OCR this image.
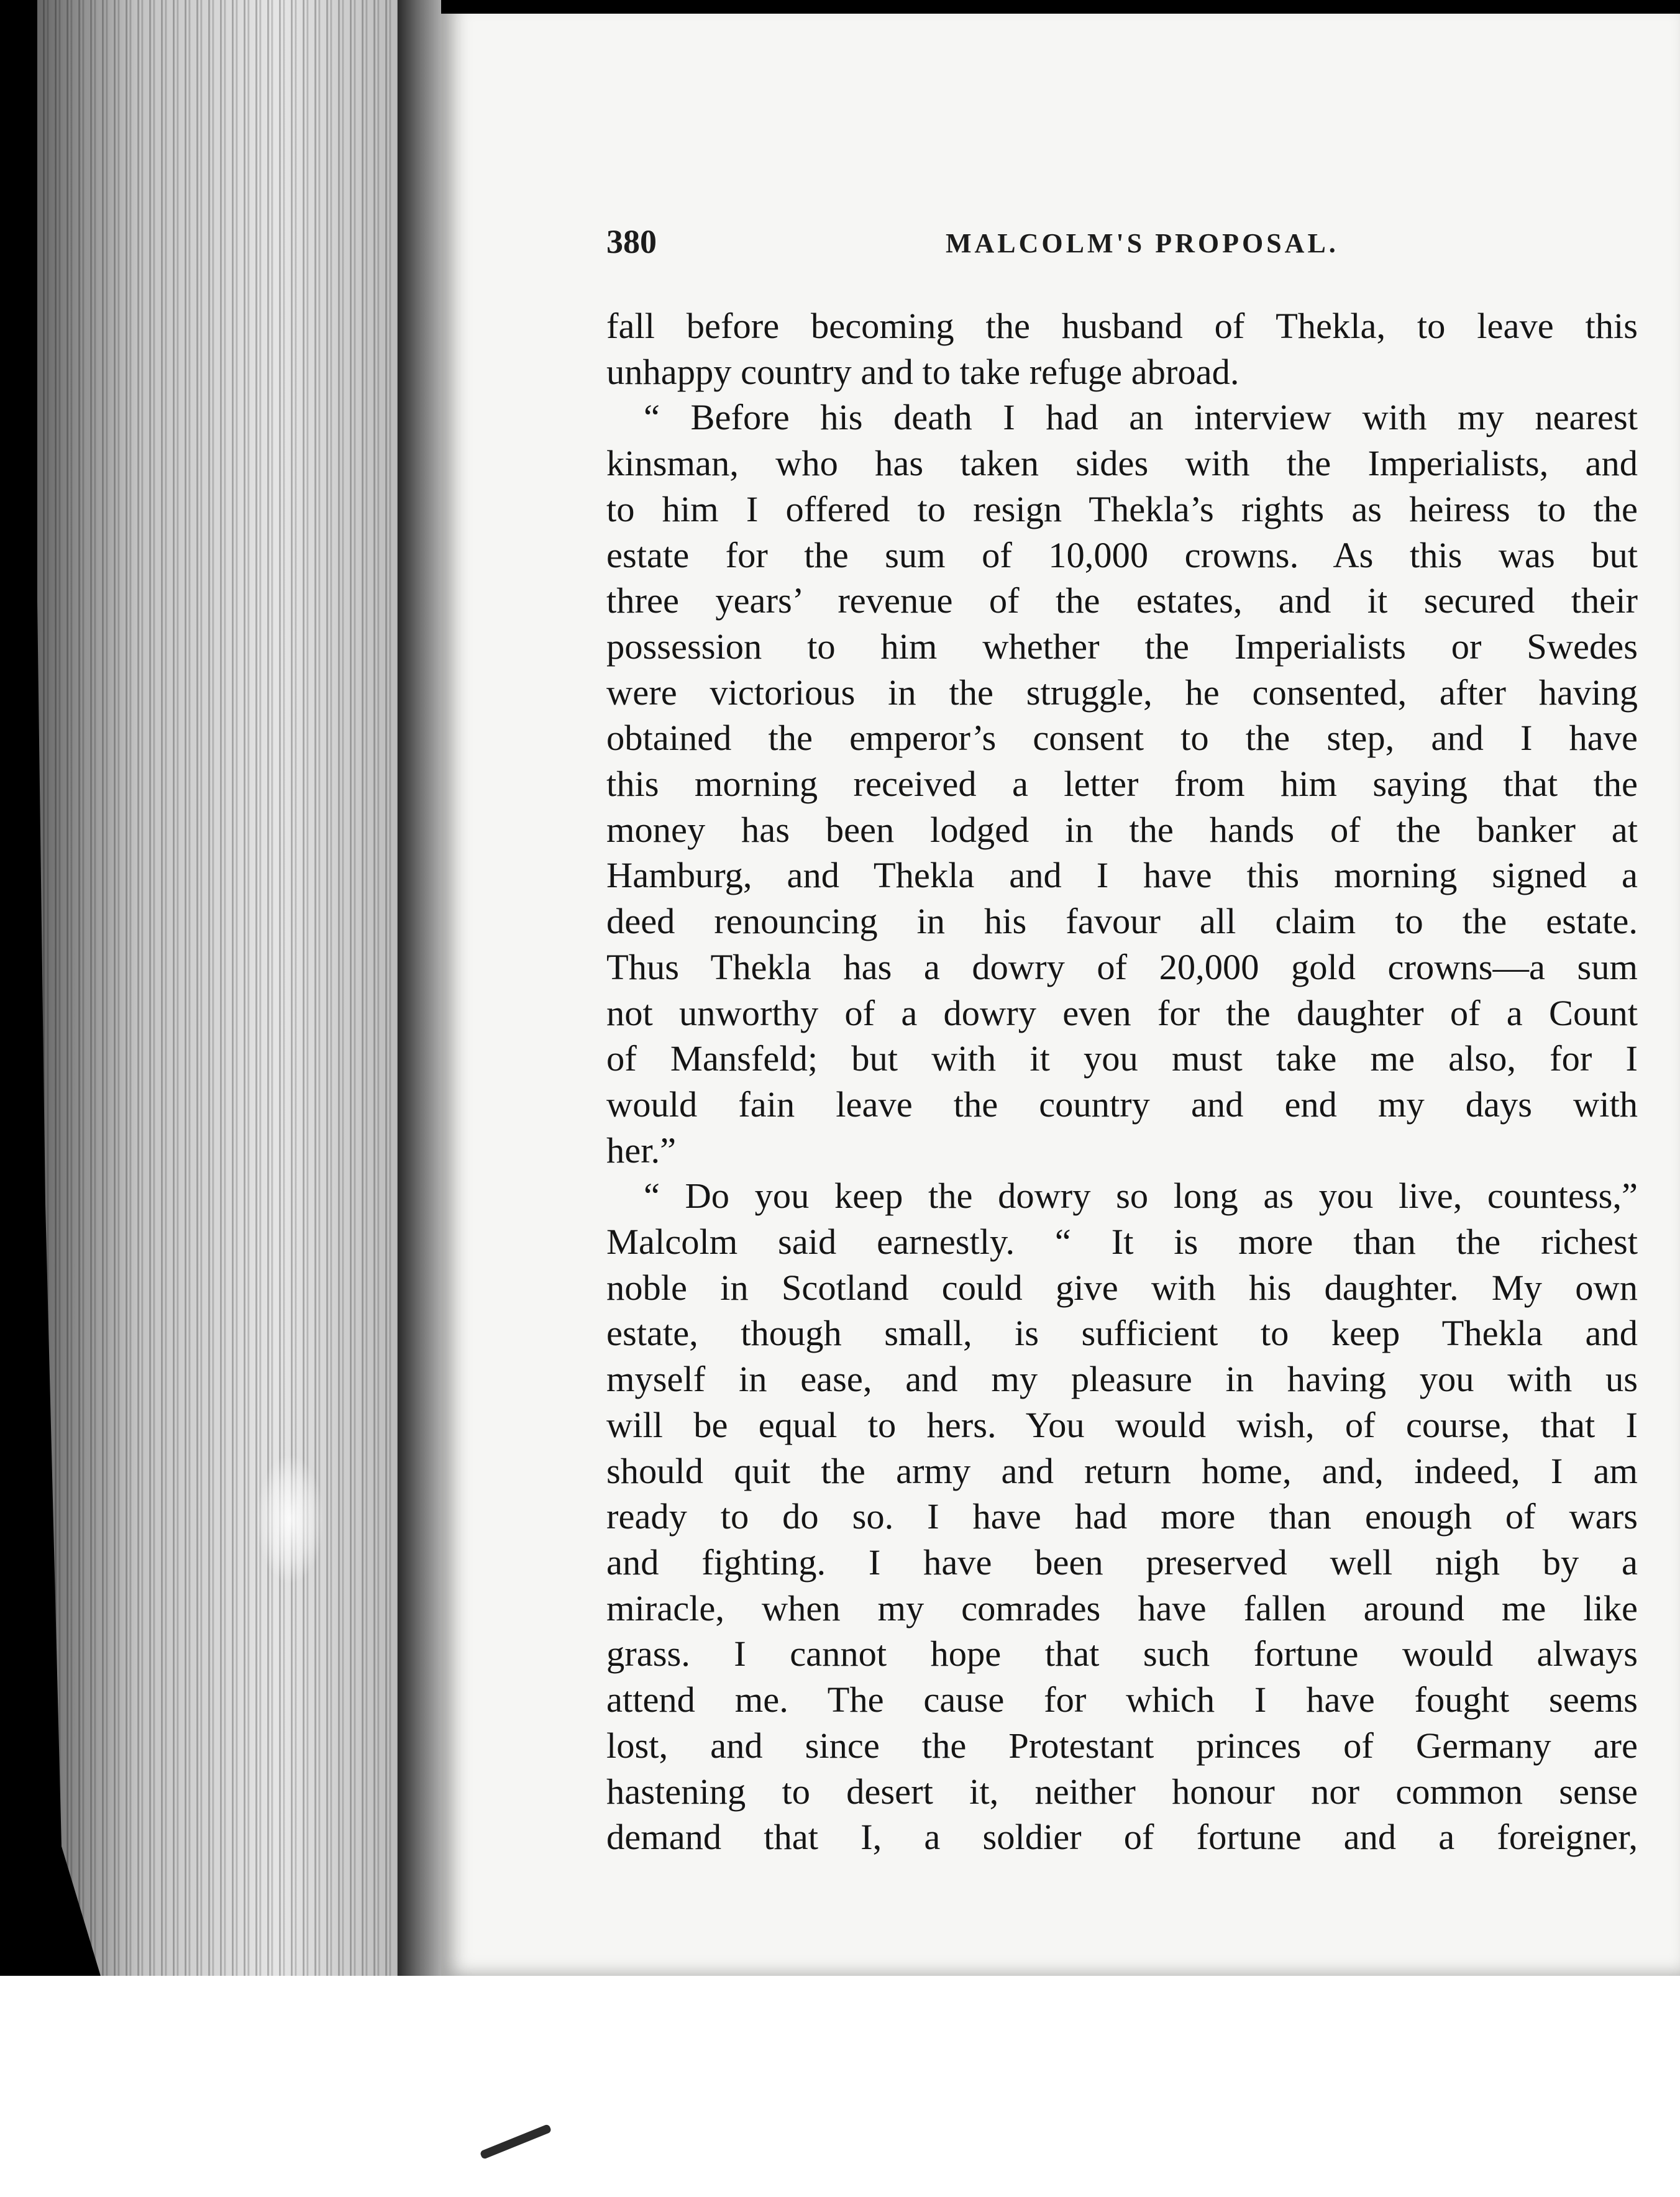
380	MALCOLM'S PROPOSAL.

fall before becoming the husband of Thekla, to leave this

unhappy country and to take refuge abroad.

“ Before his death I had an interview with my nearest

kinsman, who has taken sides with the Imperialists, and

to him I offered to resign Thekla’s rights as heiress to the

estate for the sum of 10,000 crowns. As this was but

three years’ revenue of the estates, and it secured their

possession to him whether the Imperialists or Swedes

were victorious in the struggle, he consented, after having

obtained the emperor’s consent to the step, and I have

this morning received a letter from him saying that the

money has been lodged in the hands of the banker at

Hamburg, and Thekla and I have this morning signed a

deed renouncing in his favour all claim to the estate.

Thus Thekla has a dowry of 20,000 gold crowns—a sum

not unworthy of a dowry even for the daughter of a Count

of Mansfeld; but with it you must take me also, for I

would fain leave the country and end my days with

her.”

“ Do you keep the dowry so long as you live, countess,”

Malcolm said earnestly. “ It is more than the richest

noble in Scotland could give with his daughter. My own

estate, though small, is sufficient to keep Thekla and

myself in ease, and my pleasure in having you with us

will be equal to hers. You would wish, of course, that I

should quit the army and return home, and, indeed, I am

ready to do so. I have had more than enough of wars

and fighting. I have been preserved well nigh by a

miracle, when my comrades have fallen around me like

grass. I cannot hope that such fortune would always

attend me. The cause for which I have fought seems

lost, and since the Protestant princes of Germany are

hastening to desert it, neither honour nor common sense

demand that I, a soldier of fortune and a foreigner,
